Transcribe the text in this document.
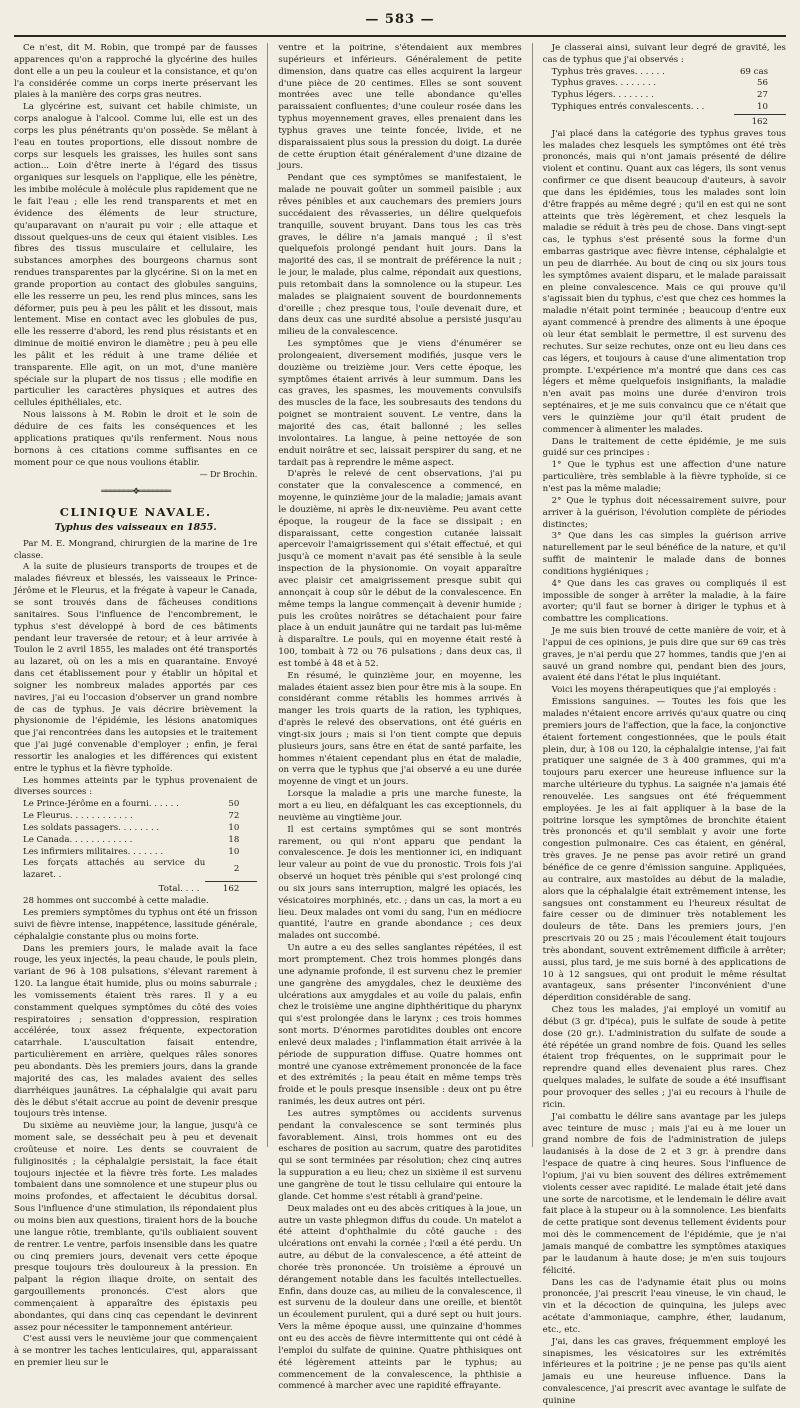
— 583 —

Ce n'est, dit M. Robin, que trompé par de fausses apparences qu'on a rapproché la glycérine des huiles dont elle a un peu la couleur et la consistance, et qu'on l'a considérée comme un corps inerte préservant les plaies à la manière des corps gras neutres.

La glycérine est, suivant cet habile chimiste, un corps analogue à l'alcool. Comme lui, elle est un des corps les plus pénétrants qu'on possède. Se mêlant à l'eau en toutes proportions, elle dissout nombre de corps sur lesquels les graisses, les huiles sont sans action... Loin d'être inerte à l'égard des tissus organiques sur lesquels on l'applique, elle les pénètre, les imbibe molécule à molécule plus rapidement que ne le fait l'eau ; elle les rend transparents et met en évidence des éléments de leur structure, qu'auparavant on n'aurait pu voir ; elle attaque et dissout quelques-uns de ceux qui étaient visibles. Les fibres des tissus musculaire et cellulaire, les substances amorphes des bourgeons charnus sont rendues transparentes par la glycérine. Si on la met en grande proportion au contact des globules sanguins, elle les resserre un peu, les rend plus minces, sans les déformer, puis peu à peu les pâlit et les dissout, mais lentement. Mise en contact avec les globules de pus, elle les resserre d'abord, les rend plus résistants et en diminue de moitié environ le diamètre ; peu à peu elle les pâlit et les réduit à une trame déliée et transparente. Elle agit, on un mot, d'une manière spéciale sur la plupart de nos tissus ; elle modifie en particulier les caractères physiques et autres des cellules épithéliales, etc.

Nous laissons à M. Robin le droit et le soin de déduire de ces faits les conséquences et les applications pratiques qu'ils renferment. Nous nous bornons à ces citations comme suffisantes en ce moment pour ce que nous voulions établir.

— Dr Brochin.
═══════❖═══════
CLINIQUE NAVALE.
Typhus des vaisseaux en 1855.

Par M. E. Mongrand, chirurgien de la marine de 1re classe.

A la suite de plusieurs transports de troupes et de malades fiévreux et blessés, les vaisseaux le Prince-Jérôme et le Fleurus, et la frégate à vapeur le Canada, se sont trouvés dans de fâcheuses conditions sanitaires. Sous l'influence de l'encombrement, le typhus s'est développé à bord de ces bâtiments pendant leur traversée de retour; et à leur arrivée à Toulon le 2 avril 1855, les malades ont été transportés au lazaret, où on les a mis en quarantaine. Envoyé dans cet établissement pour y établir un hôpital et soigner les nombreux malades apportés par ces navires, j'ai eu l'occasion d'observer un grand nombre de cas de typhus. Je vais décrire brièvement la physionomie de l'épidémie, les lésions anatomiques que j'ai rencontrées dans les autopsies et le traitement que j'ai jugé convenable d'employer ; enfin, je ferai ressortir les analogies et les différences qui existent entre le typhus et la fièvre typhoïde.

Les hommes atteints par le typhus provenaient de diverses sources :

Le Prince-Jérôme en a fourni. . . . . .	50
Le Fleurus. . . . . . . . . . . .	72
Les soldats passagers. . . . . . . .	10
Le Canada. . . . . . . . . . . .	18
Les infirmiers militaires. . . . . . .	10
Les forçats attachés au service du lazaret. .	2
Total. . . .	162

28 hommes ont succombé à cette maladie.

Les premiers symptômes du typhus ont été un frisson suivi de fièvre intense, inappétence, lassitude générale, céphalalgie constante plus ou moins forte.

Dans les premiers jours, le malade avait la face rouge, les yeux injectés, la peau chaude, le pouls plein, variant de 96 à 108 pulsations, s'élevant rarement à 120. La langue était humide, plus ou moins saburrale ; les vomissements étaient très rares. Il y a eu constamment quelques symptômes du côté des voies respiratoires ; sensation d'oppression, respiration accélérée, toux assez fréquente, expectoration catarrhale. L'auscultation faisait entendre, particulièrement en arrière, quelques râles sonores peu abondants. Dès les premiers jours, dans la grande majorité des cas, les malades avaient des selles diarrhéiques jaunâtres. La céphalalgie qui avait paru dès le début s'était accrue au point de devenir presque toujours très intense.

Du sixième au neuvième jour, la langue, jusqu'à ce moment sale, se desséchait peu à peu et devenait croûteuse et noire. Les dents se couvraient de fuliginosités ; la céphalalgie persistait, la face était toujours injectée et la fièvre très forte. Les malades tombaient dans une somnolence et une stupeur plus ou moins profondes, et affectaient le décubitus dorsal. Sous l'influence d'une stimulation, ils répondaient plus ou moins bien aux questions, tiraient hors de la bouche une langue rôtie, tremblante, qu'ils oubliaient souvent de rentrer. Le ventre, parfois insensible dans les quatre ou cinq premiers jours, devenait vers cette époque presque toujours très douloureux à la pression. En palpant la région iliaque droite, on sentait des gargouillements prononcés. C'est alors que commençaient à apparaître des épistaxis peu abondantes, qui dans cinq cas cependant le devinrent assez pour nécessiter le tamponnement antérieur.

C'est aussi vers le neuvième jour que commençaient à se montrer les taches lenticulaires, qui, apparaissant en premier lieu sur le

ventre et la poitrine, s'étendaient aux membres supérieurs et inférieurs. Généralement de petite dimension, dans quatre cas elles acquirent la largeur d'une pièce de 20 centimes. Elles se sont souvent montrées avec une telle abondance qu'elles paraissaient confluentes; d'une couleur rosée dans les typhus moyennement graves, elles prenaient dans les typhus graves une teinte foncée, livide, et ne disparaissaient plus sous la pression du doigt. La durée de cette éruption était généralement d'une dizaine de jours.

Pendant que ces symptômes se manifestaient, le malade ne pouvait goûter un sommeil paisible ; aux rêves pénibles et aux cauchemars des premiers jours succédaient des rêvasseries, un délire quelquefois tranquille, souvent bruyant. Dans tous les cas très graves, le délire n'a jamais manqué ; il s'est quelquefois prolongé pendant huit jours. Dans la majorité des cas, il se montrait de préférence la nuit ; le jour, le malade, plus calme, répondait aux questions, puis retombait dans la somnolence ou la stupeur. Les malades se plaignaient souvent de bourdonnements d'oreille ; chez presque tous, l'ouïe devenait dure, et dans deux cas une surdité absolue a persisté jusqu'au milieu de la convalescence.

Les symptômes que je viens d'énumérer se prolongeaient, diversement modifiés, jusque vers le douzième ou treizième jour. Vers cette époque, les symptômes étaient arrivés à leur summum. Dans les cas graves, les spasmes, les mouvements convulsifs des muscles de la face, les soubresauts des tendons du poignet se montraient souvent. Le ventre, dans la majorité des cas, était ballonné ; les selles involontaires. La langue, à peine nettoyée de son enduit noirâtre et sec, laissait perspirer du sang, et ne tardait pas à reprendre le même aspect.

D'après le relevé de cent observations, j'ai pu constater que la convalescence a commencé, en moyenne, le quinzième jour de la maladie; jamais avant le douzième, ni après le dix-neuvième. Peu avant cette époque, la rougeur de la face se dissipait ; en disparaissant, cette congestion cutanée laissait apercevoir l'amaigrissement qui s'était effectué, et qui jusqu'à ce moment n'avait pas été sensible à la seule inspection de la physionomie. On voyait apparaître avec plaisir cet amaigrissement presque subit qui annonçait à coup sûr le début de la convalescence. En même temps la langue commençait à devenir humide ; puis les croûtes noirâtres se détachaient pour faire place à un enduit jaunâtre qui ne tardait pas lui-même à disparaître. Le pouls, qui en moyenne était resté à 100, tombait à 72 ou 76 pulsations ; dans deux cas, il est tombé à 48 et à 52.

En résumé, le quinzième jour, en moyenne, les malades étaient assez bien pour être mis à la soupe. En considérant comme rétablis les hommes arrivés à manger les trois quarts de la ration, les typhiques, d'après le relevé des observations, ont été guéris en vingt-six jours ; mais si l'on tient compte que depuis plusieurs jours, sans être en état de santé parfaite, les hommes n'étaient cependant plus en état de maladie, on verra que le typhus que j'ai observé a eu une durée moyenne de vingt et un jours.

Lorsque la maladie a pris une marche funeste, la mort a eu lieu, en défalquant les cas exceptionnels, du neuvième au vingtième jour.

Il est certains symptômes qui se sont montrés rarement, ou qui n'ont apparu que pendant la convalescence. Je dois les mentionner ici, en indiquant leur valeur au point de vue du pronostic. Trois fois j'ai observé un hoquet très pénible qui s'est prolongé cinq ou six jours sans interruption, malgré les opiacés, les vésicatoires morphinés, etc. ; dans un cas, la mort a eu lieu. Deux malades ont vomi du sang, l'un en médiocre quantité, l'autre en grande abondance ; ces deux malades ont succombé.

Un autre a eu des selles sanglantes répétées, il est mort promptement. Chez trois hommes plongés dans une adynamie profonde, il est survenu chez le premier une gangrène des amygdales, chez le deuxième des ulcérations aux amygdales et au voile du palais, enfin chez le troisième une angine diphthéritique du pharynx qui s'est prolongée dans le larynx ; ces trois hommes sont morts. D'énormes parotidites doubles ont encore enlevé deux malades ; l'inflammation était arrivée à la période de suppuration diffuse. Quatre hommes ont montré une cyanose extrêmement prononcée de la face et des extrémités ; la peau était en même temps très froide et le pouls presque insensible : deux ont pu être ranimés, les deux autres ont péri.

Les autres symptômes ou accidents survenus pendant la convalescence se sont terminés plus favorablement. Ainsi, trois hommes ont eu des eschares de position au sacrum, quatre des parotidites qui se sont terminées par résolution; chez cinq autres la suppuration a eu lieu; chez un sixième il est survenu une gangrène de tout le tissu cellulaire qui entoure la glande. Cet homme s'est rétabli à grand'peine.

Deux malades ont eu des abcès critiques à la joue, un autre un vaste phlegmon diffus du coude. Un matelot a été atteint d'ophthalmie du côté gauche : des ulcérations ont envahi la cornée ; l'œil a été perdu. Un autre, au début de la convalescence, a été atteint de chorée très prononcée. Un troisième a éprouvé un dérangement notable dans les facultés intellectuelles. Enfin, dans douze cas, au milieu de la convalescence, il est survenu de la douleur dans une oreille, et bientôt un écoulement purulent, qui a duré sept ou huit jours. Vers la même époque aussi, une quinzaine d'hommes ont eu des accès de fièvre intermittente qui ont cédé à l'emploi du sulfate de quinine. Quatre phthisiques ont été légèrement atteints par le typhus; au commencement de la convalescence, la phthisie a commencé à marcher avec une rapidité effrayante.

Je classerai ainsi, suivant leur degré de gravité, les cas de typhus que j'ai observés :

Typhus très graves. . . . . .	69 cas
Typhus graves. . . . . . . .	56
Typhus légers. . . . . . . .	27
Typhiques entrés convalescents. . .	10
	162

J'ai placé dans la catégorie des typhus graves tous les malades chez lesquels les symptômes ont été très prononcés, mais qui n'ont jamais présenté de délire violent et continu. Quant aux cas légers, ils sont venus confirmer ce que disent beaucoup d'auteurs, à savoir que dans les épidémies, tous les malades sont loin d'être frappés au même degré ; qu'il en est qui ne sont atteints que très légèrement, et chez lesquels la maladie se réduit à très peu de chose. Dans vingt-sept cas, le typhus s'est présenté sous la forme d'un embarras gastrique avec fièvre intense, céphalalgie et un peu de diarrhée. Au bout de cinq ou six jours tous les symptômes avaient disparu, et le malade paraissait en pleine convalescence. Mais ce qui prouve qu'il s'agissait bien du typhus, c'est que chez ces hommes la maladie n'était point terminée ; beaucoup d'entre eux ayant commencé à prendre des aliments à une époque où leur état semblait le permettre, il est survenu des rechutes. Sur seize rechutes, onze ont eu lieu dans ces cas légers, et toujours à cause d'une alimentation trop prompte. L'expérience m'a montré que dans ces cas légers et même quelquefois insignifiants, la maladie n'en avait pas moins une durée d'environ trois septénaires, et je me suis convaincu que ce n'était que vers le quinzième jour qu'il était prudent de commencer à alimenter les malades.

Dans le traitement de cette épidémie, je me suis guidé sur ces principes :

1° Que le typhus est une affection d'une nature particulière, très semblable à la fièvre typhoïde, si ce n'est pas la même maladie;

2° Que le typhus doit nécessairement suivre, pour arriver à la guérison, l'évolution complète de périodes distinctes;

3° Que dans les cas simples la guérison arrive naturellement par le seul bénéfice de la nature, et qu'il suffit de maintenir le malade dans de bonnes conditions hygiéniques ;

4° Que dans les cas graves ou compliqués il est impossible de songer à arrêter la maladie, à la faire avorter; qu'il faut se borner à diriger le typhus et à combattre les complications.

Je me suis bien trouvé de cette manière de voir, et à l'appui de ces opinions, je puis dire que sur 69 cas très graves, je n'ai perdu que 27 hommes, tandis que j'en ai sauvé un grand nombre qui, pendant bien des jours, avaient été dans l'état le plus inquiétant.

Voici les moyens thérapeutiques que j'ai employés :

Émissions sanguines. — Toutes les fois que les malades n'étaient encore arrivés qu'aux quatre ou cinq premiers jours de l'affection, que la face, la conjonctive étaient fortement congestionnées, que le pouls était plein, dur, à 108 ou 120, la céphalalgie intense, j'ai fait pratiquer une saignée de 3 à 400 grammes, qui m'a toujours paru exercer une heureuse influence sur la marche ultérieure du typhus. La saignée n'a jamais été renouvelée. Les sangsues ont été fréquemment employées. Je les ai fait appliquer à la base de la poitrine lorsque les symptômes de bronchite étaient très prononcés et qu'il semblait y avoir une forte congestion pulmonaire. Ces cas étaient, en général, très graves. Je ne pense pas avoir retiré un grand bénéfice de ce genre d'émission sanguine. Appliquées, au contraire, aux mastoïdes au début de la maladie, alors que la céphalalgie était extrêmement intense, les sangsues ont constamment eu l'heureux résultat de faire cesser ou de diminuer très notablement les douleurs de tête. Dans les premiers jours, j'en prescrivais 20 ou 25 ; mais l'écoulement était toujours très abondant, souvent extrêmement difficile à arrêter; aussi, plus tard, je me suis borné à des applications de 10 à 12 sangsues, qui ont produit le même résultat avantageux, sans présenter l'inconvénient d'une déperdition considérable de sang.

Chez tous les malades, j'ai employé un vomitif au début (3 gr. d'ipéca), puis le sulfate de soude à petite dose (20 gr.). L'administration du sulfate de soude a été répétée un grand nombre de fois. Quand les selles étaient trop fréquentes, on le supprimait pour le reprendre quand elles devenaient plus rares. Chez quelques malades, le sulfate de soude a été insuffisant pour provoquer des selles ; j'ai eu recours à l'huile de ricin.

J'ai combattu le délire sans avantage par les juleps avec teinture de musc ; mais j'ai eu à me louer un grand nombre de fois de l'administration de juleps laudanisés à la dose de 2 et 3 gr. à prendre dans l'espace de quatre à cinq heures. Sous l'influence de l'opium, j'ai vu bien souvent des délires extrêmement violents cesser avec rapidité. Le malade était jeté dans une sorte de narcotisme, et le lendemain le délire avait fait place à la stupeur ou à la somnolence. Les bienfaits de cette pratique sont devenus tellement évidents pour moi dès le commencement de l'épidémie, que je n'ai jamais manqué de combattre les symptômes ataxiques par le laudanum à haute dose; je m'en suis toujours félicité.

Dans les cas de l'adynamie était plus ou moins prononcée, j'ai prescrit l'eau vineuse, le vin chaud, le vin et la décoction de quinquina, les juleps avec acétate d'ammoniaque, camphre, éther, laudanum, etc., etc.

J'ai, dans les cas graves, fréquemment employé les sinapismes, les vésicatoires sur les extrémités inférieures et la poitrine ; je ne pense pas qu'ils aient jamais eu une heureuse influence. Dans la convalescence, j'ai prescrit avec avantage le sulfate de quinine
